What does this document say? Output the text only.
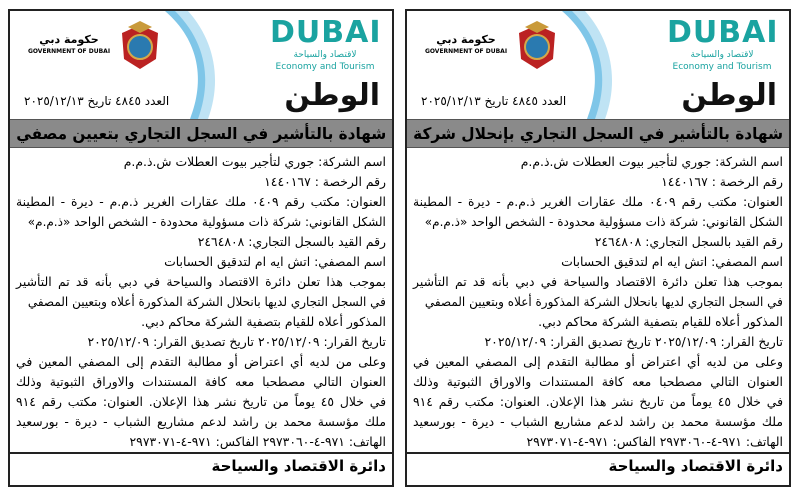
DUBAI
لاقتصاد والسياحة
Economy and Tourism
حكومة دبي
GOVERNMENT OF DUBAI
الوطن
العدد ٤٨٤٥ تاريخ ٢٠٢٥/١٢/١٣
شهادة بالتأشير في السجل التجاري بتعيين مصفي
اسم الشركة: جوري لتأجير بيوت العطلات ش.ذ.م.م
رقم الرخصة : ١٤٤٠١٦٧
العنوان: مكتب رقم ٠٤٠٩ ملك عقارات الغرير ذ.م.م - ديرة - المطينة
الشكل القانوني: شركة ذات مسؤولية محدودة - الشخص الواحد «ذ.م.م»
رقم القيد بالسجل التجاري: ٢٤٦٤٨٠٨
اسم المصفي: اتش ايه ام لتدقيق الحسابات
بموجب هذا تعلن دائرة الاقتصاد والسياحة في دبي بأنه قد تم التأشير
في السجل التجاري لديها بانحلال الشركة المذكورة أعلاه وبتعيين المصفي
المذكور أعلاه للقيام بتصفية الشركة محاكم دبي.
تاريخ القرار: ٢٠٢٥/١٢/٠٩ تاريخ تصديق القرار: ٢٠٢٥/١٢/٠٩
وعلى من لديه أي اعتراض أو مطالبة التقدم إلى المصفي المعين في
العنوان التالي مصطحبا معه كافة المستندات والاوراق الثبوتية وذلك
في خلال ٤٥ يوماً من تاريخ نشر هذا الإعلان. العنوان: مكتب رقم ٩١٤
ملك مؤسسة محمد بن راشد لدعم مشاريع الشباب - ديرة - بورسعيد
الهاتف: ٩٧١-٤-٢٩٧٣٠٦٠ الفاكس: ٩٧١-٤-٢٩٧٣٠٧١
دائرة الاقتصاد والسياحة
DUBAI
لاقتصاد والسياحة
Economy and Tourism
حكومة دبي
GOVERNMENT OF DUBAI
الوطن
العدد ٤٨٤٥ تاريخ ٢٠٢٥/١٢/١٣
شهادة بالتأشير في السجل التجاري بإنحلال شركة
اسم الشركة: جوري لتأجير بيوت العطلات ش.ذ.م.م
رقم الرخصة : ١٤٤٠١٦٧
العنوان: مكتب رقم ٠٤٠٩ ملك عقارات الغرير ذ.م.م - ديرة - المطينة
الشكل القانوني: شركة ذات مسؤولية محدودة - الشخص الواحد «ذ.م.م»
رقم القيد بالسجل التجاري: ٢٤٦٤٨٠٨
اسم المصفي: اتش ايه ام لتدقيق الحسابات
بموجب هذا تعلن دائرة الاقتصاد والسياحة في دبي بأنه قد تم التأشير
في السجل التجاري لديها بانحلال الشركة المذكورة أعلاه وبتعيين المصفي
المذكور أعلاه للقيام بتصفية الشركة محاكم دبي.
تاريخ القرار: ٢٠٢٥/١٢/٠٩ تاريخ تصديق القرار: ٢٠٢٥/١٢/٠٩
وعلى من لديه أي اعتراض أو مطالبة التقدم إلى المصفي المعين في
العنوان التالي مصطحبا معه كافة المستندات والاوراق الثبوتية وذلك
في خلال ٤٥ يوماً من تاريخ نشر هذا الإعلان. العنوان: مكتب رقم ٩١٤
ملك مؤسسة محمد بن راشد لدعم مشاريع الشباب - ديرة - بورسعيد
الهاتف: ٩٧١-٤-٢٩٧٣٠٦٠ الفاكس: ٩٧١-٤-٢٩٧٣٠٧١
دائرة الاقتصاد والسياحة
